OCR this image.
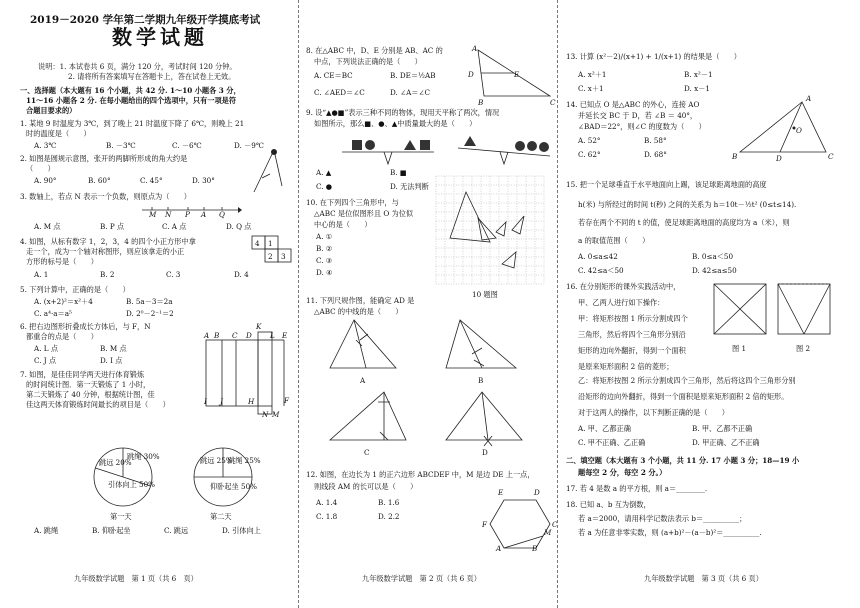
2019－2020 学年第二学期九年级开学摸底考试
数学试题
说明：1. 本试卷共 6 页，满分 120 分，考试时间 120 分钟。
2. 请将所有答案填写在答题卡上，答在试卷上无效。
一、选择题（本大题有 16 个小题，共 42 分. 1～10 小题各 3 分，
11～16 小题各 2 分. 在每小题给出的四个选项中，只有一项是符
合题目要求的）
1. 某地 9 时温度为 3℃，到了晚上 21 时温度下降了 6℃，则晚上 21
时的温度是（　　）
A. 3℃	B. －3℃	C. －6℃	D. －9℃
2. 如图是圆规示意图，张开的两脚所形成的角大约是
（　　）
A. 90°	B. 60°	C. 45°	D. 30°
3. 数轴上，若点 N 表示一个负数，则原点为（　　）
M N P A Q
A. M 点	B. P 点	C. A 点	D. Q 点
4. 如图，从标有数字 1，2，3，4 的四个小正方形中拿
走一个，成为一个轴对称图形，则应该拿走的小正
方形的标号是（　　）
4 1
2 3
A. 1	B. 2	C. 3	D. 4
5. 下列计算中，正确的是（　　）
A. (x+2)²＝x²＋4	B. 5a－3＝2a
C. a⁴·a＝a⁵	D. 2⁰－2⁻¹＝2
6. 把右边图形折叠成长方体后，与 F，N
都重合的点是（　　）
A. L 点	B. M 点
C. J 点	D. I 点
K
L
A B C D	E
F
I J
N M
H
7. 如图，是佳佳同学两天进行体育锻炼
的时间统计图．第一天锻炼了 1 小时，
第二天锻炼了 40 分钟，根据统计图，佳
佳这两天体育锻炼时间最长的项目是（　　）
跳远 20%
跳绳 30%
引体向上 50%
第一天
跳远 25%
跳绳 25%
仰卧起坐 50%
第二天
A. 跳绳	B. 仰卧起坐	C. 跳远	D. 引体向上
九年级数学试题　第 1 页（共 6　页）
8. 在△ABC 中，D、E 分别是 AB、AC 的
中点，下列说法正确的是（　　）
A. CE＝BC	B. DE＝½AB
C. ∠AED＝∠C	D. ∠A＝∠C
A
D	E
B	C
9. 设“▲●■”表示三种不同的物体，现用天平称了两次，情况
如图所示，那么■、●、▲中质量最大的是（　　）
A. ▲	B. ■
C. ●	D. 无法判断
10. 在下列四个三角形中，与
△ABC 是位似图形且 O 为位似
中心的是（　　）
A. ①
B. ②
C. ③
D. ④
10 题图
11. 下列尺规作图，能确定 AD 是
△ABC 的中线的是（　　）
A	B
C	D
12. 如图，在边长为 1 的正六边形 ABCDEF 中，M 是边 DE 上一点，
则线段 AM 的长可以是（　　）
A. 1.4	B. 1.6
C. 1.8	D. 2.2
A	B
C
D
E
F
M
九年级数学试题　第 2 页（共 6 页）
13. 计算 (x²－2)/(x+1) + 1/(x+1) 的结果是（　　）
A. x²＋1	B. x²－1
C. x＋1	D. x－1
14. 已知点 O 是△ABC 的外心，连接 AO
并延长交 BC 于 D，若 ∠B ＝ 40°，
∠BAD＝22°，则∠C 的度数为（　　）
A. 52°	B. 58°
C. 62°	D. 68°
A
B
O
D	C
15. 把一个足球垂直于水平地面向上踢，该足球距离地面的高度
h(米) 与所经过的时间 t(秒) 之间的关系为 h＝10t－½t² (0≤t≤14).
若存在两个不同的 t 的值，使足球距离地面的高度均为 a（米），则
a 的取值范围（　　）
A. 0≤a≤42	B. 0≤a＜50
C. 42≤a＜50	D. 42≤a≤50
16. 在分别矩形的课外实践活动中，
甲、乙两人进行如下操作：
甲：将矩形按图 1 所示分割成四个
三角形，然后将四个三角形分别沿
矩形的边向外翻折，得到一个面积
是原来矩形面积 2 倍的菱形；
乙：将矩形按图 2 所示分割成四个三角形，然后将这四个三角形分别
沿矩形的边向外翻折，得到一个面积是原来矩形面积 2 倍的矩形。
对于这两人的操作，以下判断正确的是（　　）
图 1	图 2
A. 甲、乙都正确	B. 甲、乙都不正确
C. 甲不正确、乙正确	D. 甲正确、乙不正确
二、填空题（本大题有 3 个小题，共 11 分. 17 小题 3 分；18—19 小
题每空 2 分，每空 2 分。）
17. 若 4 是数 a 的平方根，则 a＝________.
18. 已知 a、b 互为倒数，
若 a＝2000，请用科学记数法表示 b＝__________；
若 a 为任意非零实数，则 (a+b)²－(a－b)²＝__________.
九年级数学试题　第 3 页（共 6 页）
